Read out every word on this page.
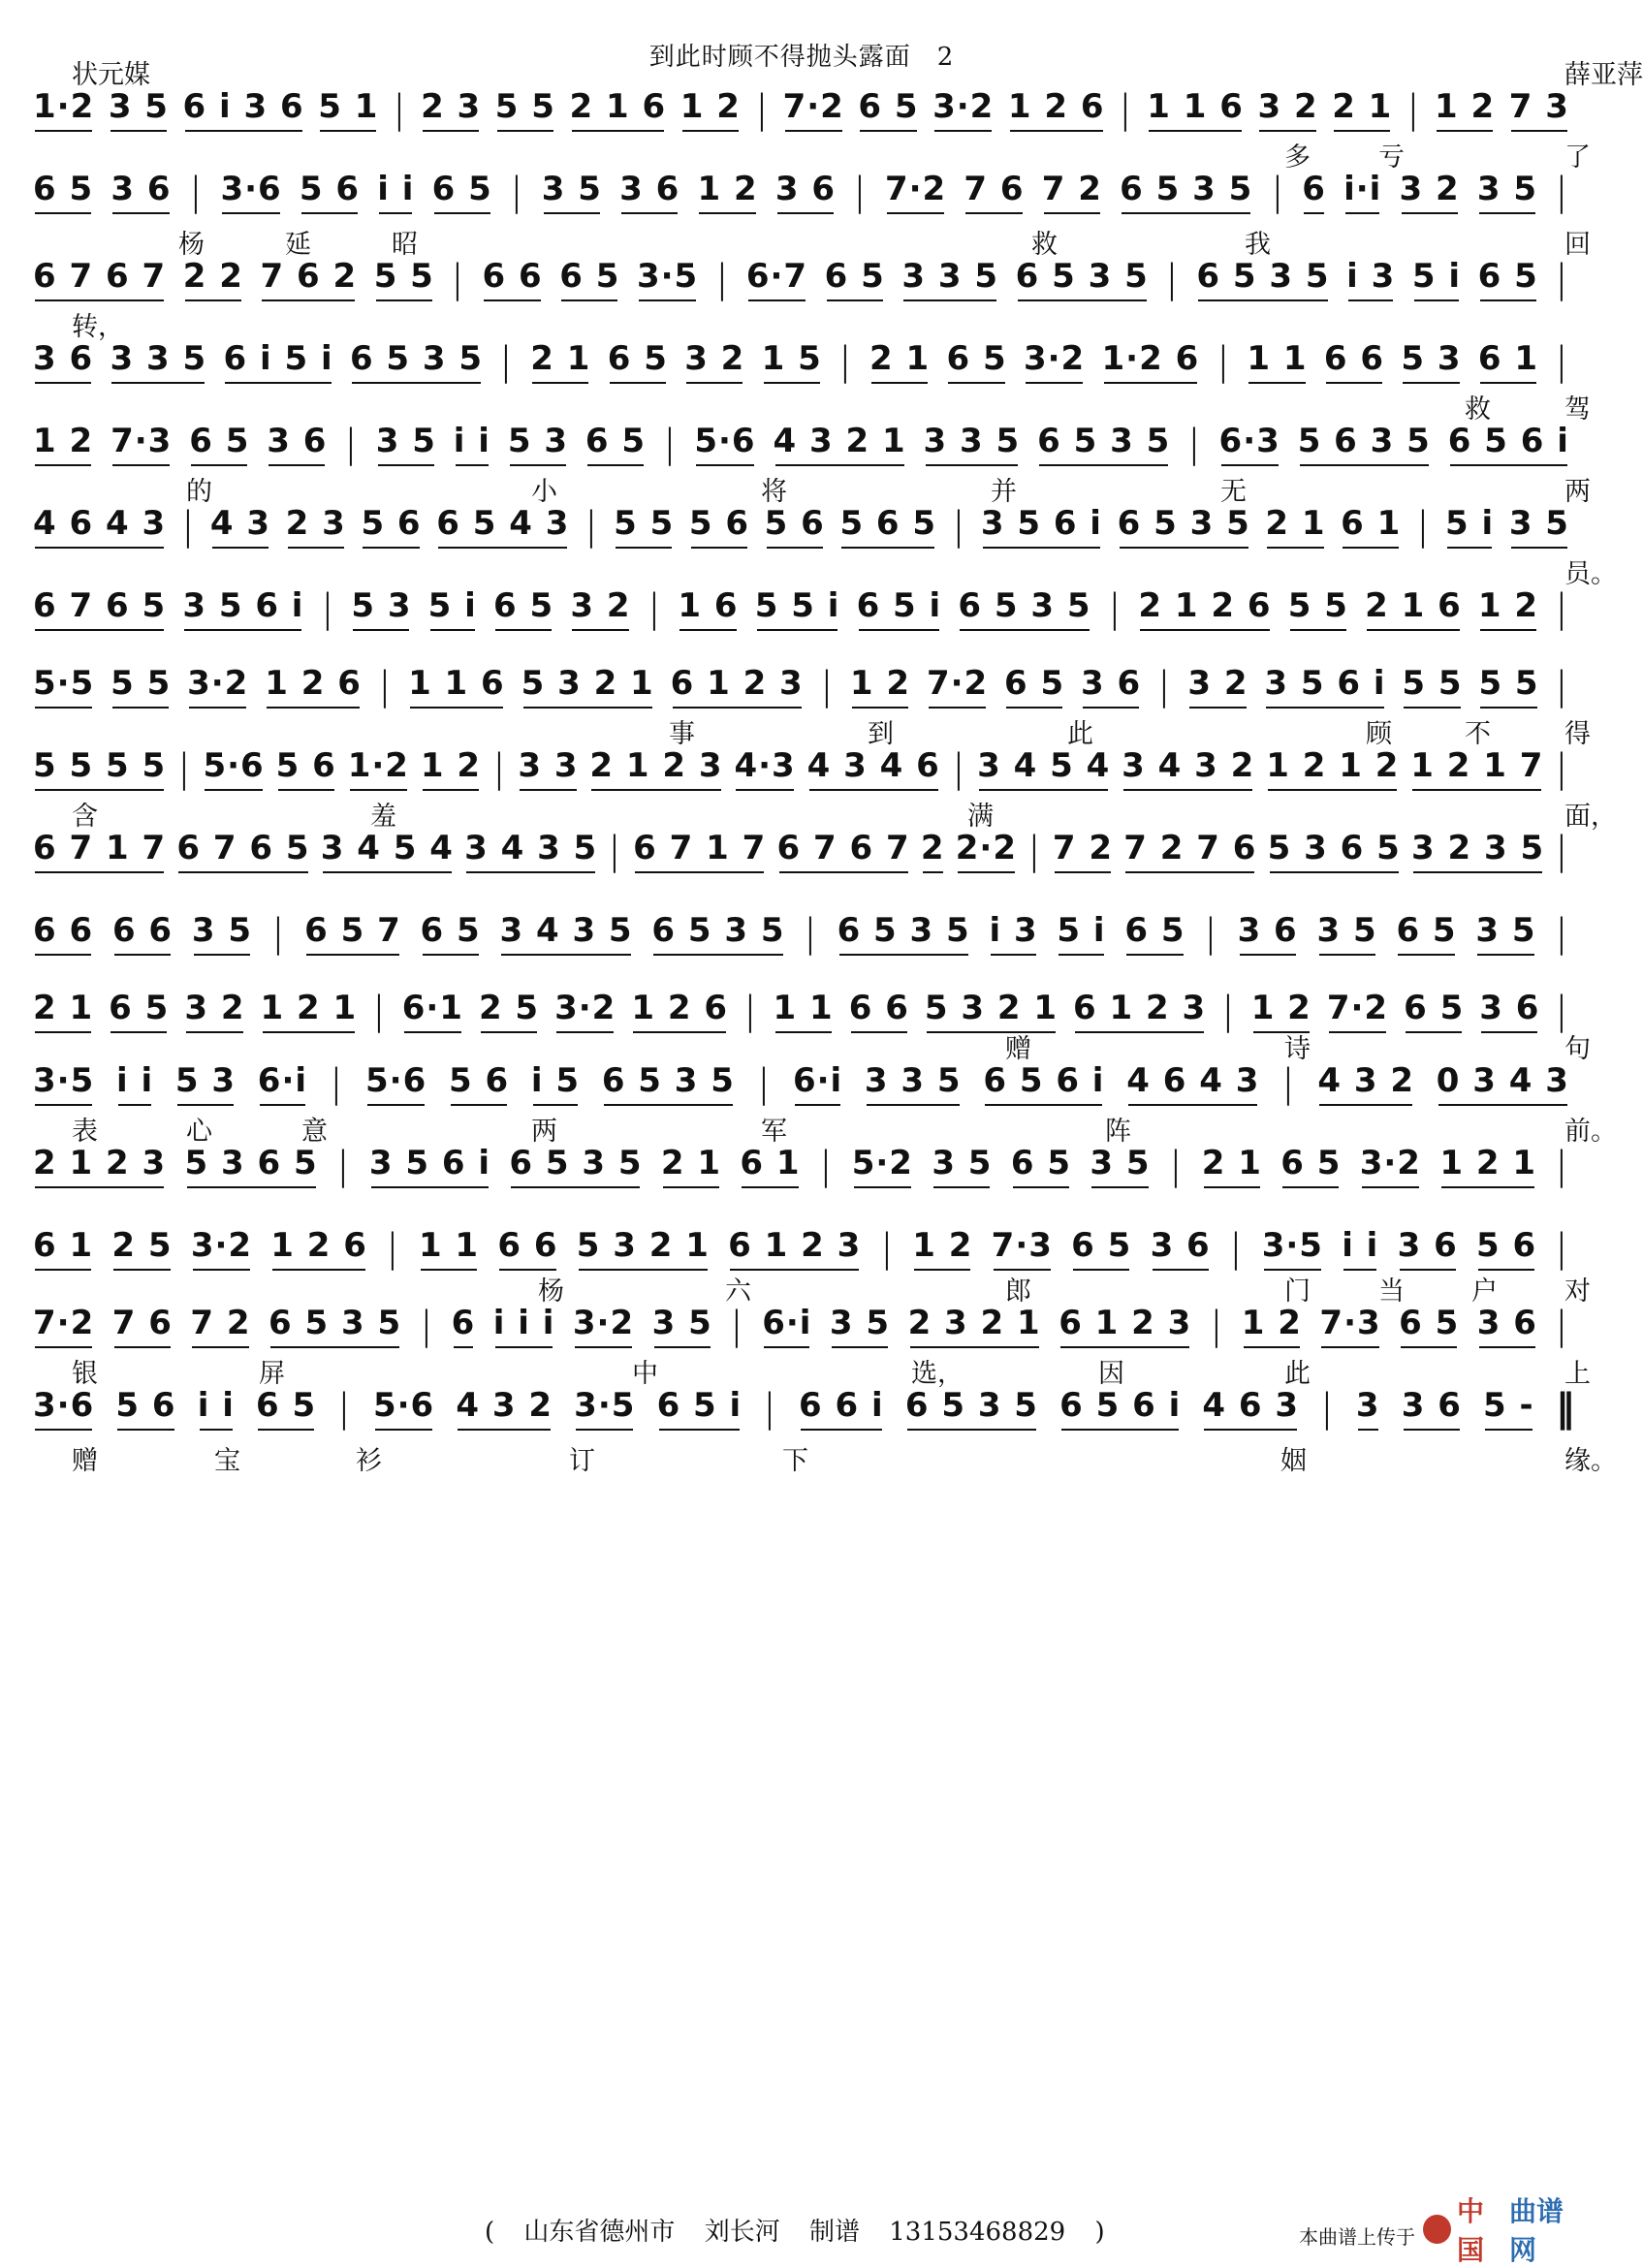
到此时顾不得抛头露面　2
状元媒	薛亚萍
1·2 3 5 6 i 3 6 5 1 | 2 3 5 5 2 1 6 1 2 | 7·2 6 5 3·2 1 2 6 | 1 1 6 3 2 2 1 | 1 2 7 3
多	亏	了
6 5 3 6 | 3·6 5 6 i i 6 5 | 3 5 3 6 1 2 3 6 | 7·2 7 6 7 2 6 5 3 5 | 6 i·i 3 2 3 5 |
杨	延	昭	救	我	回
6 7 6 7 2 2 7 6 2 5 5 | 6 6 6 5 3·5 | 6·7 6 5 3 3 5 6 5 3 5 | 6 5 3 5 i 3 5 i 6 5 |
转，
3 6 3 3 5 6 i 5 i 6 5 3 5 | 2 1 6 5 3 2 1 5 | 2 1 6 5 3·2 1·2 6 | 1 1 6 6 5 3 6 1 |
救	驾
1 2 7·3 6 5 3 6 | 3 5 i i 5 3 6 5 | 5·6 4 3 2 1 3 3 5 6 5 3 5 | 6·3 5 6 3 5 6 5 6 i
的	小	将	并	无	两
4 6 4 3 | 4 3 2 3 5 6 6 5 4 3 | 5 5 5 6 5 6 5 6 5 | 3 5 6 i 6 5 3 5 2 1 6 1 | 5 i 3 5
员。
6 7 6 5 3 5 6 i | 5 3 5 i 6 5 3 2 | 1 6 5 5 i 6 5 i 6 5 3 5 | 2 1 2 6 5 5 2 1 6 1 2 |
5·5 5 5 3·2 1 2 6 | 1 1 6 5 3 2 1 6 1 2 3 | 1 2 7·2 6 5 3 6 | 3 2 3 5 6 i 5 5 5 5 |
事	到	此	顾	不	得
5 5 5 5 | 5·6 5 6 1·2 1 2 | 3 3 2 1 2 3 4·3 4 3 4 6 | 3 4 5 4 3 4 3 2 1 2 1 2 1 2 1 7 |
含	羞	满	面，
6 7 1 7 6 7 6 5 3 4 5 4 3 4 3 5 | 6 7 1 7 6 7 6 7 2 2·2 | 7 2 7 2 7 6 5 3 6 5 3 2 3 5 |
6 6 6 6 3 5 | 6 5 7 6 5 3 4 3 5 6 5 3 5 | 6 5 3 5 i 3 5 i 6 5 | 3 6 3 5 6 5 3 5 |
2 1 6 5 3 2 1 2 1 | 6·1 2 5 3·2 1 2 6 | 1 1 6 6 5 3 2 1 6 1 2 3 | 1 2 7·2 6 5 3 6 |
赠	诗	句
3·5 i i 5 3 6·i | 5·6 5 6 i 5 6 5 3 5 | 6·i 3 3 5 6 5 6 i 4 6 4 3 | 4 3 2 0 3 4 3
表	心	意	两	军	阵	前。
2 1 2 3 5 3 6 5 | 3 5 6 i 6 5 3 5 2 1 6 1 | 5·2 3 5 6 5 3 5 | 2 1 6 5 3·2 1 2 1 |
6 1 2 5 3·2 1 2 6 | 1 1 6 6 5 3 2 1 6 1 2 3 | 1 2 7·3 6 5 3 6 | 3·5 i i 3 6 5 6 |
杨	六	郎	门	当	户	对
7·2 7 6 7 2 6 5 3 5 | 6 i i i 3·2 3 5 | 6·i 3 5 2 3 2 1 6 1 2 3 | 1 2 7·3 6 5 3 6 |
银	屏	中	选，	因	此	上
3·6 5 6 i i 6 5 | 5·6 4 3 2 3·5 6 5 i | 6 6 i 6 5 3 5 6 5 6 i 4 6 3 | 3 3 6 5 - ‖
赠	宝	衫	订	下	姻	缘。
( 山东省德州市 刘长河 制谱 13153468829 )	本曲谱上传于
中国
曲谱网
